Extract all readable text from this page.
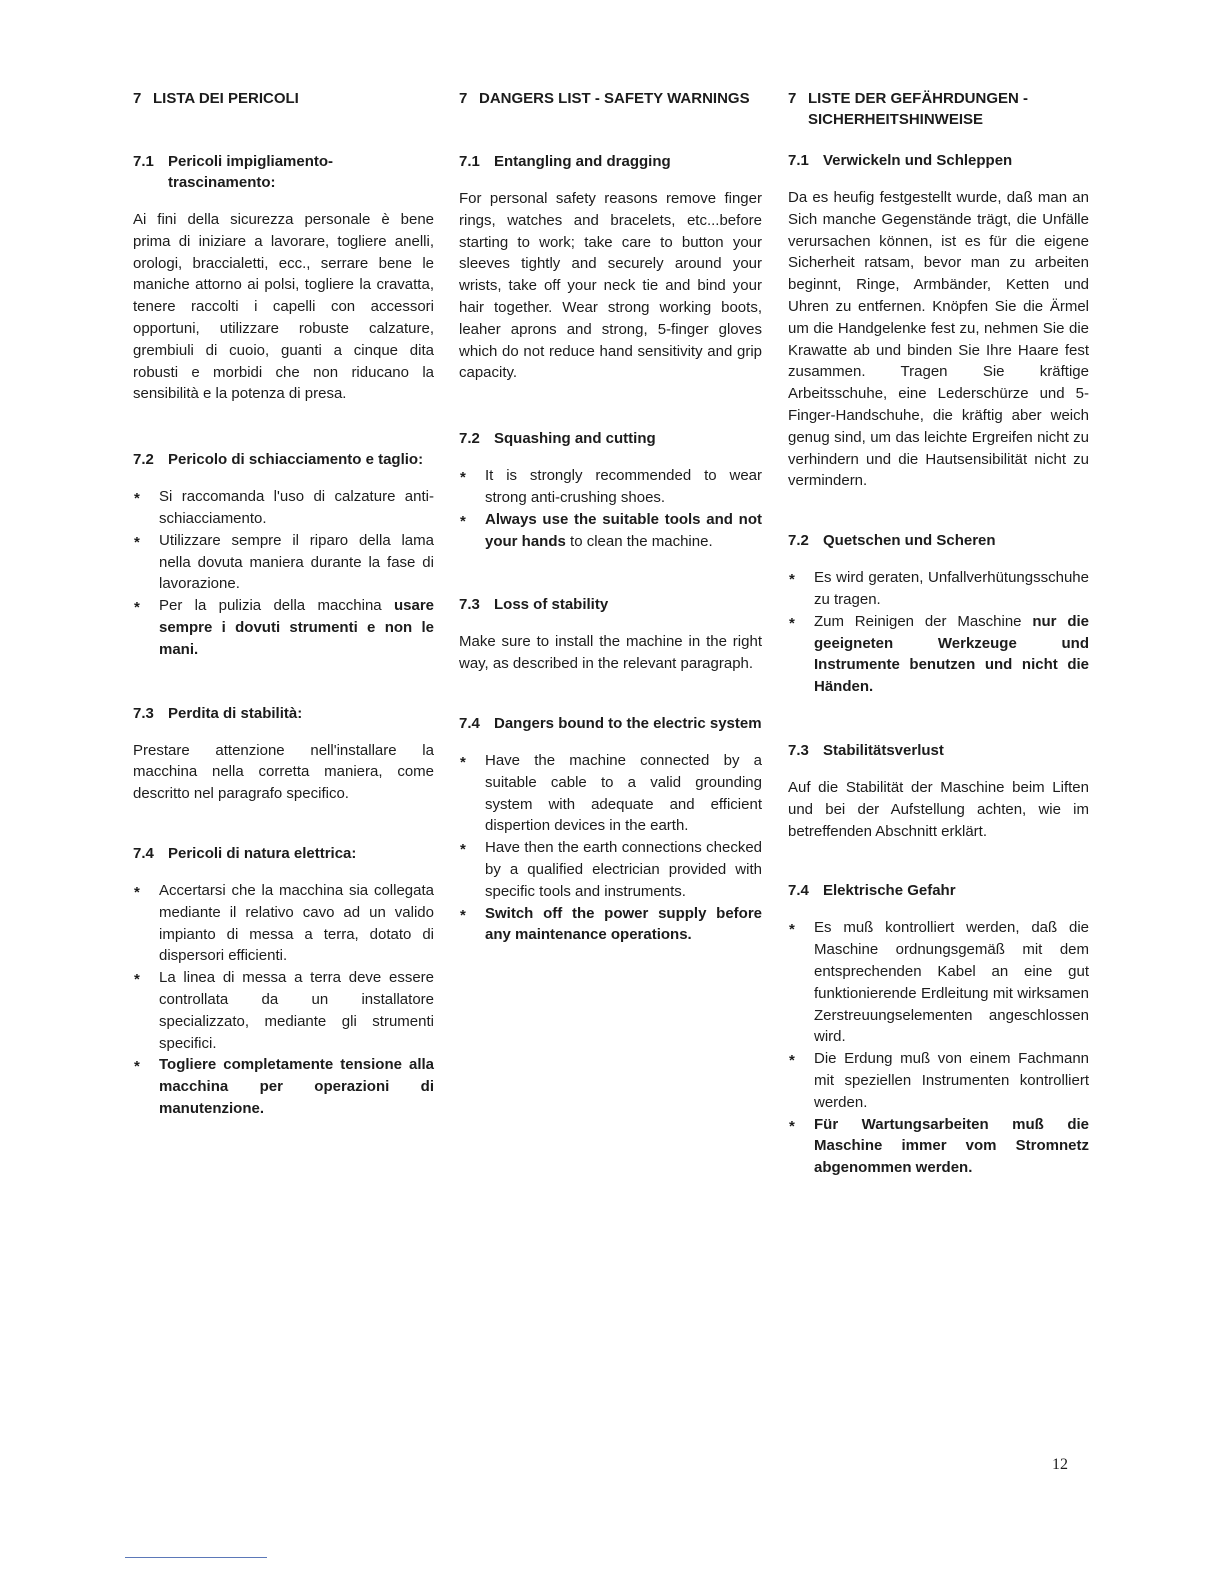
7 LISTA DEI PERICOLI
7.1 Pericoli impigliamento-trascinamento:

Ai fini della sicurezza personale è bene prima di iniziare a lavorare, togliere anelli, orologi, braccialetti, ecc., serrare bene le maniche attorno ai polsi, togliere la cravatta, tenere raccolti i capelli con accessori opportuni, utilizzare robuste calzature, grembiuli di cuoio, guanti a cinque dita robusti e morbidi che non riducano la sensibilità e la potenza di presa.

7.2 Pericolo di schiacciamento e taglio:
* Si raccomanda l'uso di calzature anti-schiacciamento.
* Utilizzare sempre il riparo della lama nella dovuta maniera durante la fase di lavorazione.
* Per la pulizia della macchina usare sempre i dovuti strumenti e non le mani.
7.3 Perdita di stabilità:

Prestare attenzione nell'installare la macchina nella corretta maniera, come descritto nel paragrafo specifico.

7.4 Pericoli di natura elettrica:
* Accertarsi che la macchina sia collegata mediante il relativo cavo ad un valido impianto di messa a terra, dotato di dispersori efficienti.
* La linea di messa a terra deve essere controllata da un installatore specializzato, mediante gli strumenti specifici.
* Togliere completamente tensione alla macchina per operazioni di manutenzione.
7 DANGERS LIST - SAFETY WARNINGS
7.1 Entangling and dragging

For personal safety reasons remove finger rings, watches and bracelets, etc...before starting to work; take care to button your sleeves tightly and securely around your wrists, take off your neck tie and bind your hair together. Wear strong working boots, leaher aprons and strong, 5-finger gloves which do not reduce hand sensitivity and grip capacity.

7.2 Squashing and cutting
* It is strongly recommended to wear strong anti-crushing shoes.
* Always use the suitable tools and not your hands to clean the machine.
7.3 Loss of stability

Make sure to install the machine in the right way, as described in the relevant paragraph.

7.4 Dangers bound to the electric system
* Have the machine connected by a suitable cable to a valid grounding system with adequate and efficient dispertion devices in the earth.
* Have then the earth connections checked by a qualified electrician provided with specific tools and instruments.
* Switch off the power supply before any maintenance operations.
7 LISTE DER GEFÄHRDUNGEN - SICHERHEITSHINWEISE
7.1 Verwickeln und Schleppen

Da es heufig festgestellt wurde, daß man an Sich manche Gegenstände trägt, die Unfälle verursachen können, ist es für die eigene Sicherheit ratsam, bevor man zu arbeiten beginnt, Ringe, Armbänder, Ketten und Uhren zu entfernen. Knöpfen Sie die Ärmel um die Handgelenke fest zu, nehmen Sie die Krawatte ab und binden Sie Ihre Haare fest zusammen. Tragen Sie kräftige Arbeitsschuhe, eine Lederschürze und 5-Finger-Handschuhe, die kräftig aber weich genug sind, um das leichte Ergreifen nicht zu verhindern und die Hautsensibilität nicht zu vermindern.

7.2 Quetschen und Scheren
* Es wird geraten, Unfallverhütungsschuhe zu tragen.
* Zum Reinigen der Maschine nur die geeigneten Werkzeuge und Instrumente benutzen und nicht die Händen.
7.3 Stabilitätsverlust

Auf die Stabilität der Maschine beim Liften und bei der Aufstellung achten, wie im betreffenden Abschnitt erklärt.

7.4 Elektrische Gefahr
* Es muß kontrolliert werden, daß die Maschine ordnungsgemäß mit dem entsprechenden Kabel an eine gut funktionierende Erdleitung mit wirksamen Zerstreuungselementen angeschlossen wird.
* Die Erdung muß von einem Fachmann mit speziellen Instrumenten kontrolliert werden.
* Für Wartungsarbeiten muß die Maschine immer vom Stromnetz abgenommen werden.
12
